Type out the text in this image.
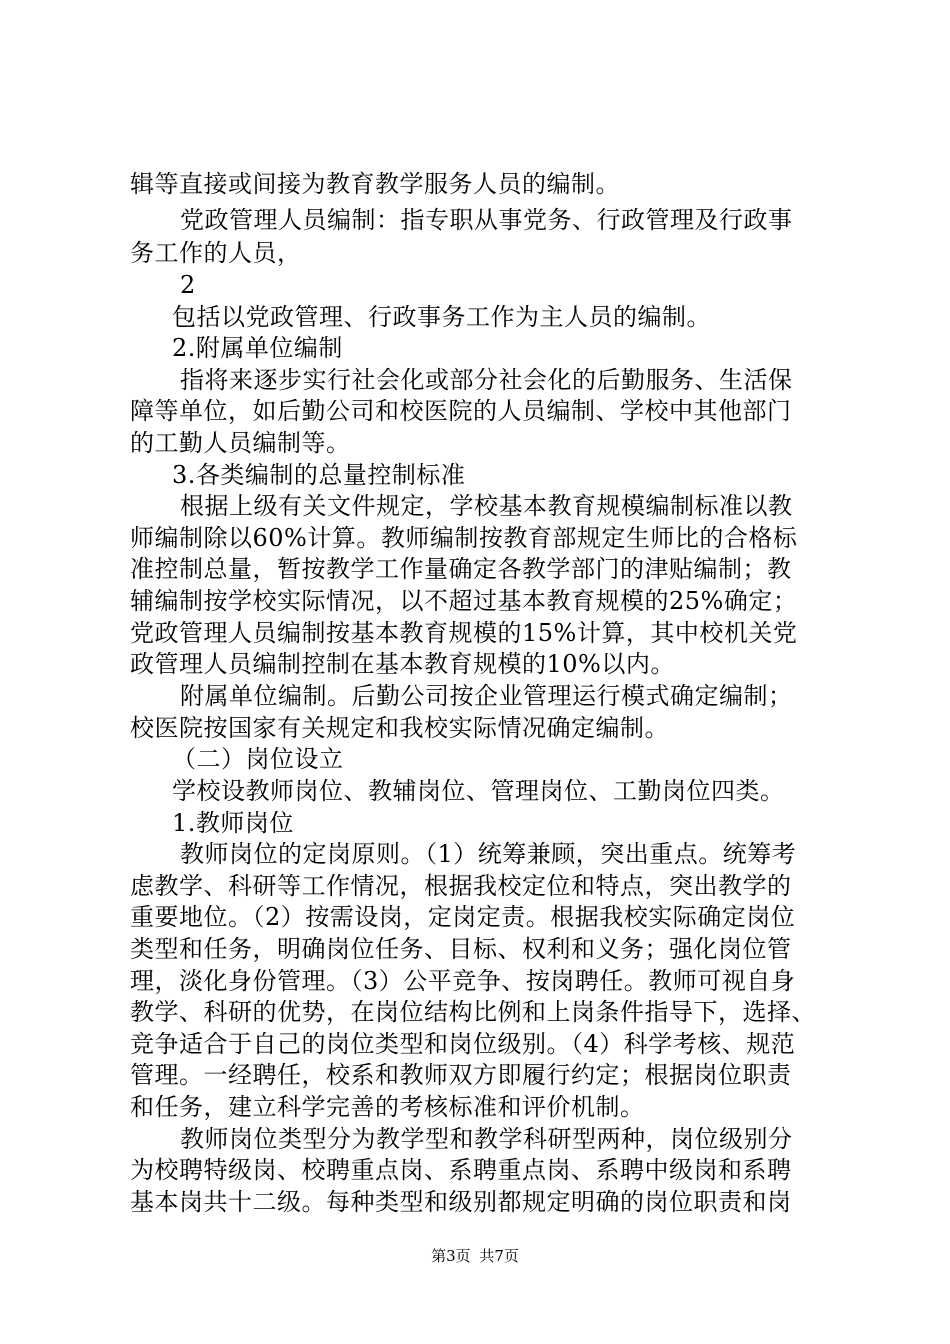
辑等直接或间接为教育教学服务人员的编制。
党政管理人员编制：指专职从事党务、行政管理及行政事
务工作的人员，
2
包括以党政管理、行政事务工作为主人员的编制。
2.附属单位编制
指将来逐步实行社会化或部分社会化的后勤服务、生活保
障等单位，如后勤公司和校医院的人员编制、学校中其他部门
的工勤人员编制等。
3.各类编制的总量控制标准
根据上级有关文件规定，学校基本教育规模编制标准以教
师编制除以60%计算。教师编制按教育部规定生师比的合格标
准控制总量，暂按教学工作量确定各教学部门的津贴编制；教
辅编制按学校实际情况，以不超过基本教育规模的25%确定；
党政管理人员编制按基本教育规模的15%计算，其中校机关党
政管理人员编制控制在基本教育规模的10%以内。
附属单位编制。后勤公司按企业管理运行模式确定编制；
校医院按国家有关规定和我校实际情况确定编制。
（二）岗位设立
学校设教师岗位、教辅岗位、管理岗位、工勤岗位四类。
1.教师岗位
教师岗位的定岗原则。（1）统筹兼顾，突出重点。统筹考
虑教学、科研等工作情况，根据我校定位和特点，突出教学的
重要地位。（2）按需设岗，定岗定责。根据我校实际确定岗位
类型和任务，明确岗位任务、目标、权利和义务；强化岗位管
理，淡化身份管理。（3）公平竞争、按岗聘任。教师可视自身
教学、科研的优势，在岗位结构比例和上岗条件指导下，选择、
竞争适合于自己的岗位类型和岗位级别。（4）科学考核、规范
管理。一经聘任，校系和教师双方即履行约定；根据岗位职责
和任务，建立科学完善的考核标准和评价机制。
教师岗位类型分为教学型和教学科研型两种，岗位级别分
为校聘特级岗、校聘重点岗、系聘重点岗、系聘中级岗和系聘
基本岗共十二级。每种类型和级别都规定明确的岗位职责和岗
第3页 共7页
